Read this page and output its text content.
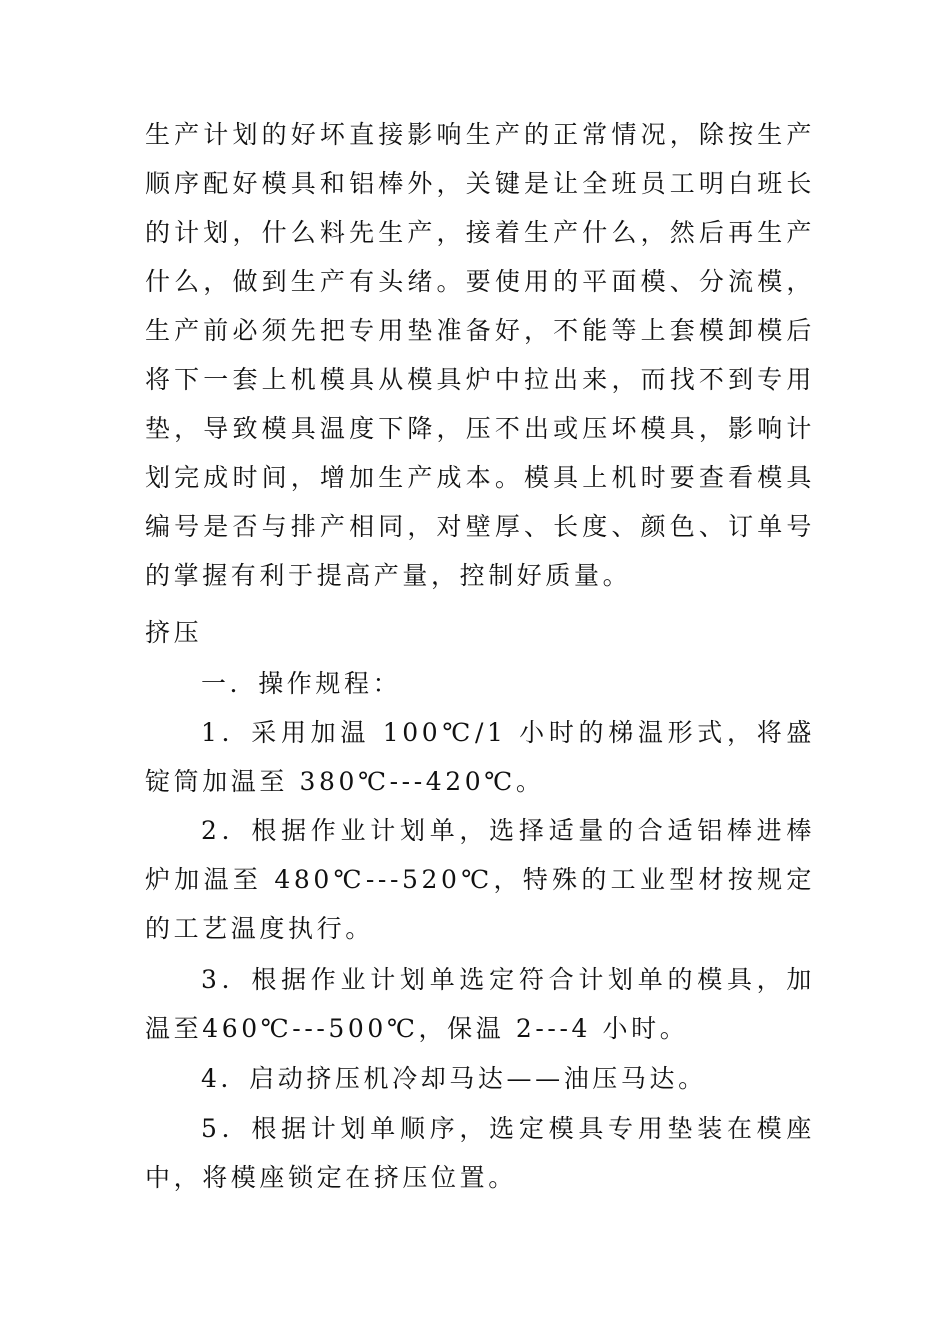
生产计划的好坏直接影响生产的正常情况，除按生产顺序配好模具和铝棒外，关键是让全班员工明白班长的计划，什么料先生产，接着生产什么，然后再生产什么，做到生产有头绪。要使用的平面模、分流模，生产前必须先把专用垫准备好，不能等上套模卸模后将下一套上机模具从模具炉中拉出来，而找不到专用垫，导致模具温度下降，压不出或压坏模具，影响计划完成时间，增加生产成本。模具上机时要查看模具编号是否与排产相同，对壁厚、长度、颜色、订单号的掌握有利于提高产量，控制好质量。

挤压

一．操作规程：

1．采用加温 100℃/1 小时的梯温形式，将盛锭筒加温至 380℃---420℃。

2．根据作业计划单，选择适量的合适铝棒进棒炉加温至 480℃---520℃，特殊的工业型材按规定的工艺温度执行。

3．根据作业计划单选定符合计划单的模具，加温至460℃---500℃，保温 2---4 小时。

4．启动挤压机冷却马达——油压马达。

5．根据计划单顺序，选定模具专用垫装在模座中，将模座锁定在挤压位置。
